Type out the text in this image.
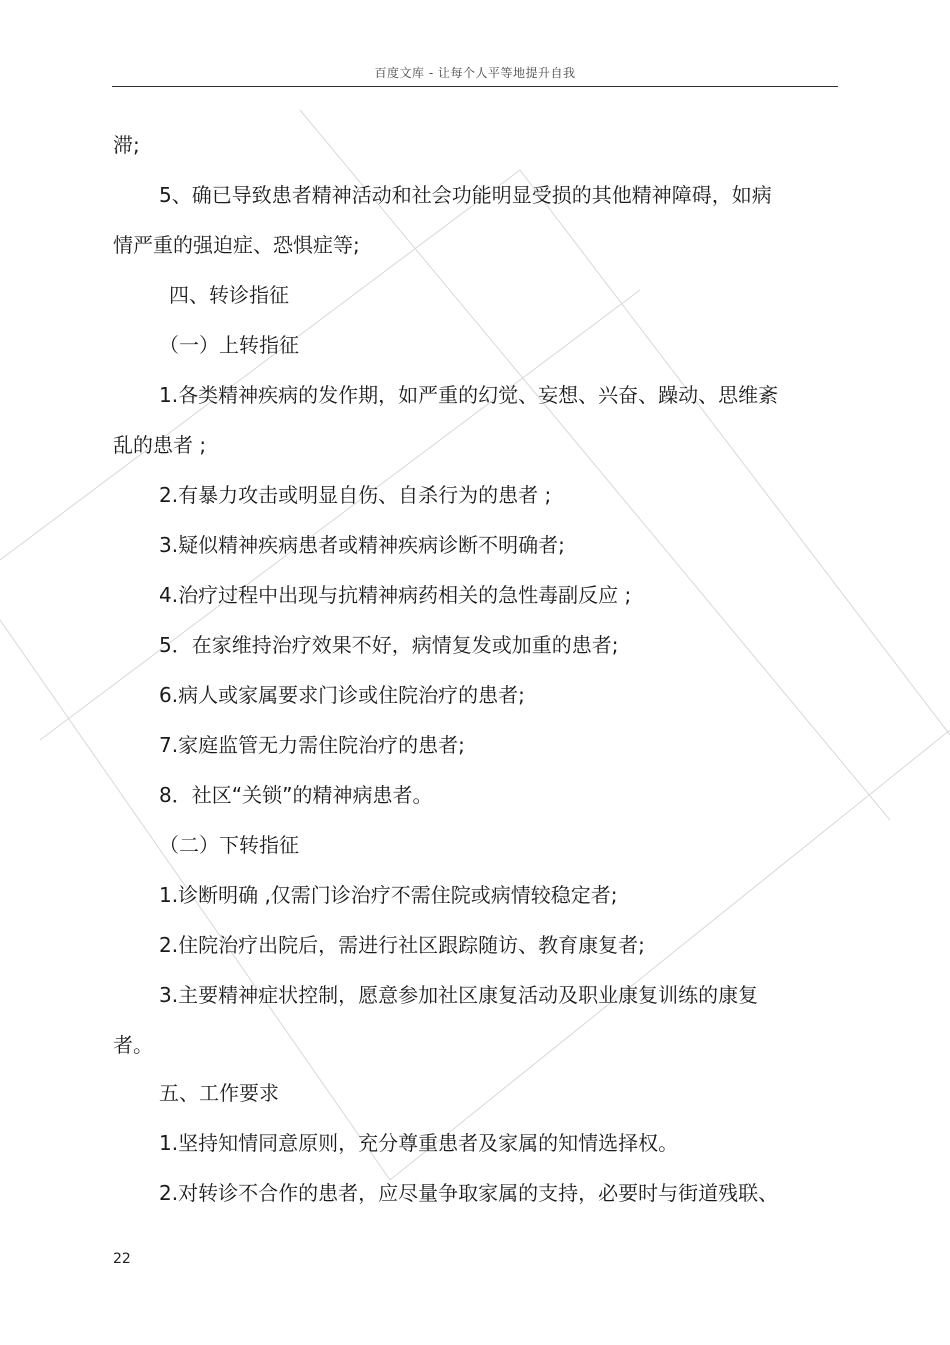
百度文库 - 让每个人平等地提升自我
滞;
5、确已导致患者精神活动和社会功能明显受损的其他精神障碍，如病
情严重的强迫症、恐惧症等;
四、转诊指征
（一）上转指征
1.各类精神疾病的发作期，如严重的幻觉、妄想、兴奋、躁动、思维紊
乱的患者 ;
2.有暴力攻击或明显自伤、自杀行为的患者 ;
3.疑似精神疾病患者或精神疾病诊断不明确者;
4.治疗过程中出现与抗精神病药相关的急性毒副反应 ;
5．在家维持治疗效果不好，病情复发或加重的患者;
6.病人或家属要求门诊或住院治疗的患者;
7.家庭监管无力需住院治疗的患者;
8．社区“关锁”的精神病患者。
（二）下转指征
1.诊断明确 ,仅需门诊治疗不需住院或病情较稳定者;
2.住院治疗出院后，需进行社区跟踪随访、教育康复者;
3.主要精神症状控制，愿意参加社区康复活动及职业康复训练的康复
者。
五、工作要求
1.坚持知情同意原则，充分尊重患者及家属的知情选择权。
2.对转诊不合作的患者，应尽量争取家属的支持，必要时与街道残联、
22
